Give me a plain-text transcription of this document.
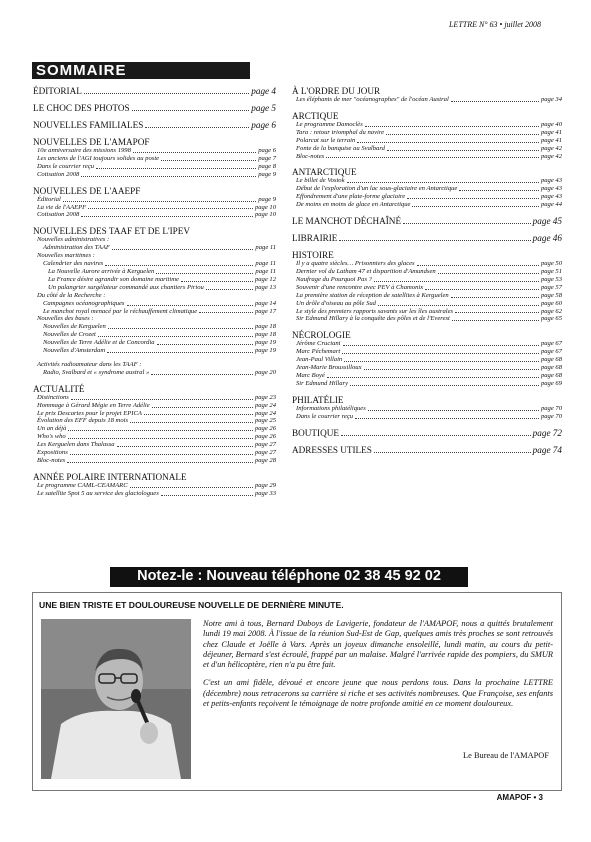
LETTRE N° 63 • juillet 2008
SOMMAIRE
ÉDITORIAL	page 4
LE CHOC DES PHOTOS	page 5
NOUVELLES FAMILIALES	page 6
NOUVELLES DE L'AMAPOF
10e anniversaire des missions 1998	page 6
Les anciens de l'AGI toujours solides au poste	page 7
Dans le courrier reçu	page 8
Cotisation 2008	page 9
NOUVELLES DE L'AAEPF
Éditorial	page 9
La vie de l'AAEPF	page 10
Cotisation 2008	page 10
NOUVELLES DES TAAF ET DE L'IPEV
Nouvelles administratives :
Administration des TAAF	page 11
Nouvelles maritimes :
Calendrier des navires	page 11
La Nouvelle Aurore arrivée à Kerguelen	page 11
La France désire agrandir son domaine maritime	page 12
Un palangrier surgélateur commandé aux chantiers Piriou	page 13
Du côté de la Recherche :
Campagnes océanographiques	page 14
Le manchot royal menacé par le réchauffement climatique	page 17
Nouvelles des bases :
Nouvelles de Kerguelen	page 18
Nouvelles de Crozet	page 18
Nouvelles de Terre Adélie et de Concordia	page 19
Nouvelles d'Amsterdam	page 19
Activités radioamateur dans les TAAF :
Radio, Svalbard et « syndrome austral »	page 20
ACTUALITÉ
Distinctions	page 23
Hommage à Gérard Mégie en Terre Adélie	page 24
Le prix Descartes pour le projet EPICA	page 24
Évolution des EFF depuis 18 mois	page 25
Un an déjà	page 26
Who's who	page 26
Les Kerguelen dans Thalassa	page 27
Expositions	page 27
Bloc-notes	page 28
ANNÉE POLAIRE INTERNATIONALE
Le programme CAML-CEAMARC	page 29
Le satellite Spot 5 au service des glaciologues	page 33
À L'ORDRE DU JOUR
Les éléphants de mer "océanographes" de l'océan Austral	page 34
ARCTIQUE
Le programme Damoclès	page 40
Tara : retour triomphal du navire	page 41
Polarcat sur le terrain	page 41
Fonte de la banquise au Svalbard	page 42
Bloc-notes	page 42
ANTARCTIQUE
Le billet de Vostok	page 43
Début de l'exploration d'un lac sous-glaciaire en Antarctique	page 43
Effondrement d'une plate-forme glaciaire	page 43
De moins en moins de glace en Antarctique	page 44
LE MANCHOT DÉCHAÎNÉ	page 45
LIBRAIRIE	page 46
HISTOIRE
Il y a quatre siècles… Prisonniers des glaces	page 50
Dernier vol du Latham 47 et disparition d'Amundsen	page 51
Naufrage du Pourquoi Pas ?	page 53
Souvenir d'une rencontre avec PEV à Chamonix	page 57
La première station de réception de satellites à Kerguelen	page 58
Un drôle d'oiseau au pôle Sud	page 60
Le style des premiers rapports savants sur les îles australes	page 62
Sir Edmund Hillary à la conquête des pôles et de l'Everest	page 65
NÉCROLOGIE
Jérôme Cruciani	page 67
Marc Péchemart	page 67
Jean-Paul Villain	page 68
Jean-Marie Broussilloux	page 68
Marc Boyé	page 68
Sir Edmund Hillary	page 69
PHILATÉLIE
Informations philatéliques	page 70
Dans le courrier reçu	page 70
BOUTIQUE	page 72
ADRESSES UTILES	page 74
Notez-le : Nouveau téléphone 02 38 45 92 02
UNE BIEN TRISTE ET DOULOUREUSE NOUVELLE DE DERNIÈRE MINUTE.

Notre ami à tous, Bernard Duboys de Lavigerie, fondateur de l'AMAPOF, nous a quittés brutalement lundi 19 mai 2008. À l'issue de la réunion Sud-Est de Gap, quelques amis très proches se sont retrouvés chez Claude et Joëlle à Vars. Après un joyeux dimanche ensoleillé, lundi matin, au cours du petit-déjeuner, Bernard s'est écroulé, frappé par un malaise. Malgré l'arrivée rapide des pompiers, du SMUR et d'un hélicoptère, rien n'a pu être fait.

C'est un ami fidèle, dévoué et encore jeune que nous perdons tous. Dans la prochaine LETTRE (décembre) nous retracerons sa carrière si riche et ses activités nombreuses. Que Françoise, ses enfants et petits-enfants reçoivent le témoignage de notre profonde amitié en ce moment douloureux.

Le Bureau de l'AMAPOF
AMAPOF • 3
